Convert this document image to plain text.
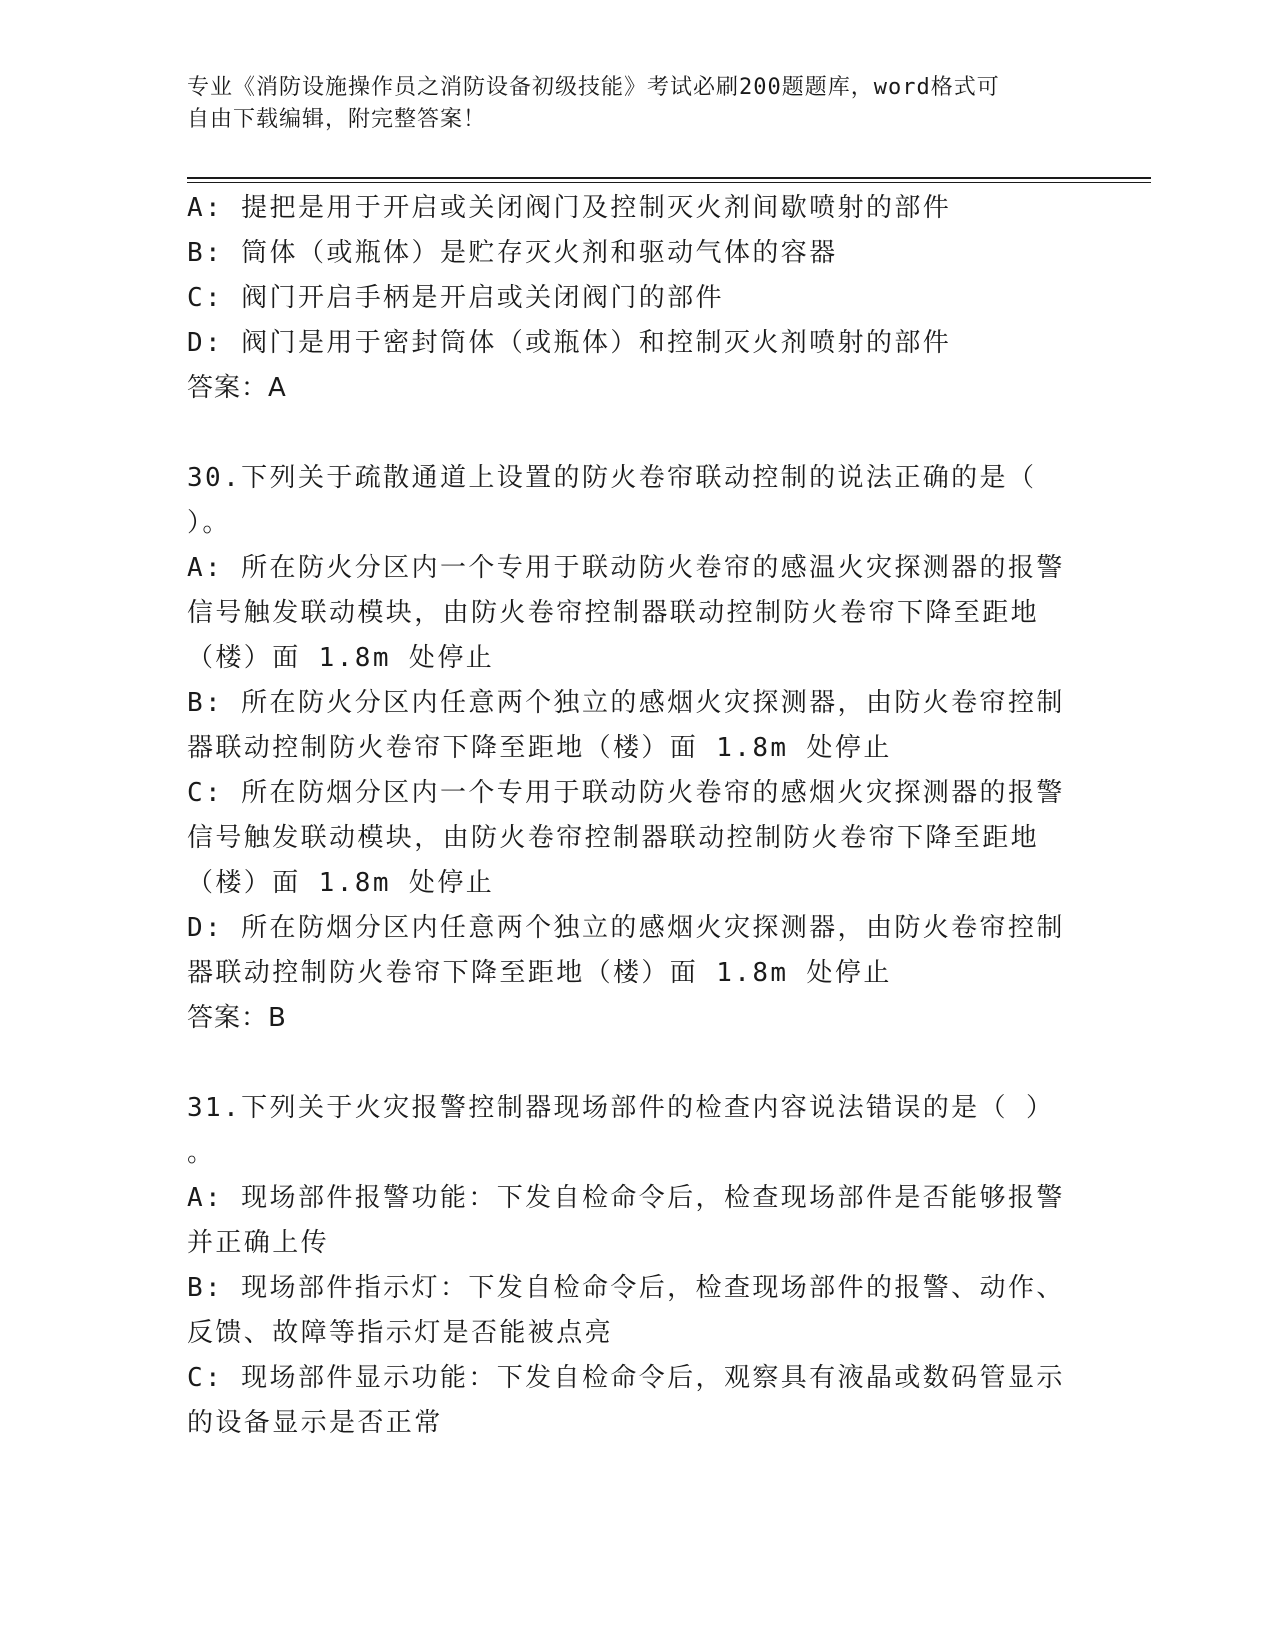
专业《消防设施操作员之消防设备初级技能》考试必刷200题题库，word格式可
自由下载编辑，附完整答案！
A: 提把是用于开启或关闭阀门及控制灭火剂间歇喷射的部件
B: 筒体（或瓶体）是贮存灭火剂和驱动气体的容器
C: 阀门开启手柄是开启或关闭阀门的部件
D: 阀门是用于密封筒体（或瓶体）和控制灭火剂喷射的部件
答案：A
30.下列关于疏散通道上设置的防火卷帘联动控制的说法正确的是（
）。
A: 所在防火分区内一个专用于联动防火卷帘的感温火灾探测器的报警
信号触发联动模块，由防火卷帘控制器联动控制防火卷帘下降至距地
（楼）面 1.8m 处停止
B: 所在防火分区内任意两个独立的感烟火灾探测器，由防火卷帘控制
器联动控制防火卷帘下降至距地（楼）面 1.8m 处停止
C: 所在防烟分区内一个专用于联动防火卷帘的感烟火灾探测器的报警
信号触发联动模块，由防火卷帘控制器联动控制防火卷帘下降至距地
（楼）面 1.8m 处停止
D: 所在防烟分区内任意两个独立的感烟火灾探测器，由防火卷帘控制
器联动控制防火卷帘下降至距地（楼）面 1.8m 处停止
答案：B
31.下列关于火灾报警控制器现场部件的检查内容说法错误的是（ ）
。
A: 现场部件报警功能：下发自检命令后，检查现场部件是否能够报警
并正确上传
B: 现场部件指示灯：下发自检命令后，检查现场部件的报警、动作、
反馈、故障等指示灯是否能被点亮
C: 现场部件显示功能：下发自检命令后，观察具有液晶或数码管显示
的设备显示是否正常
